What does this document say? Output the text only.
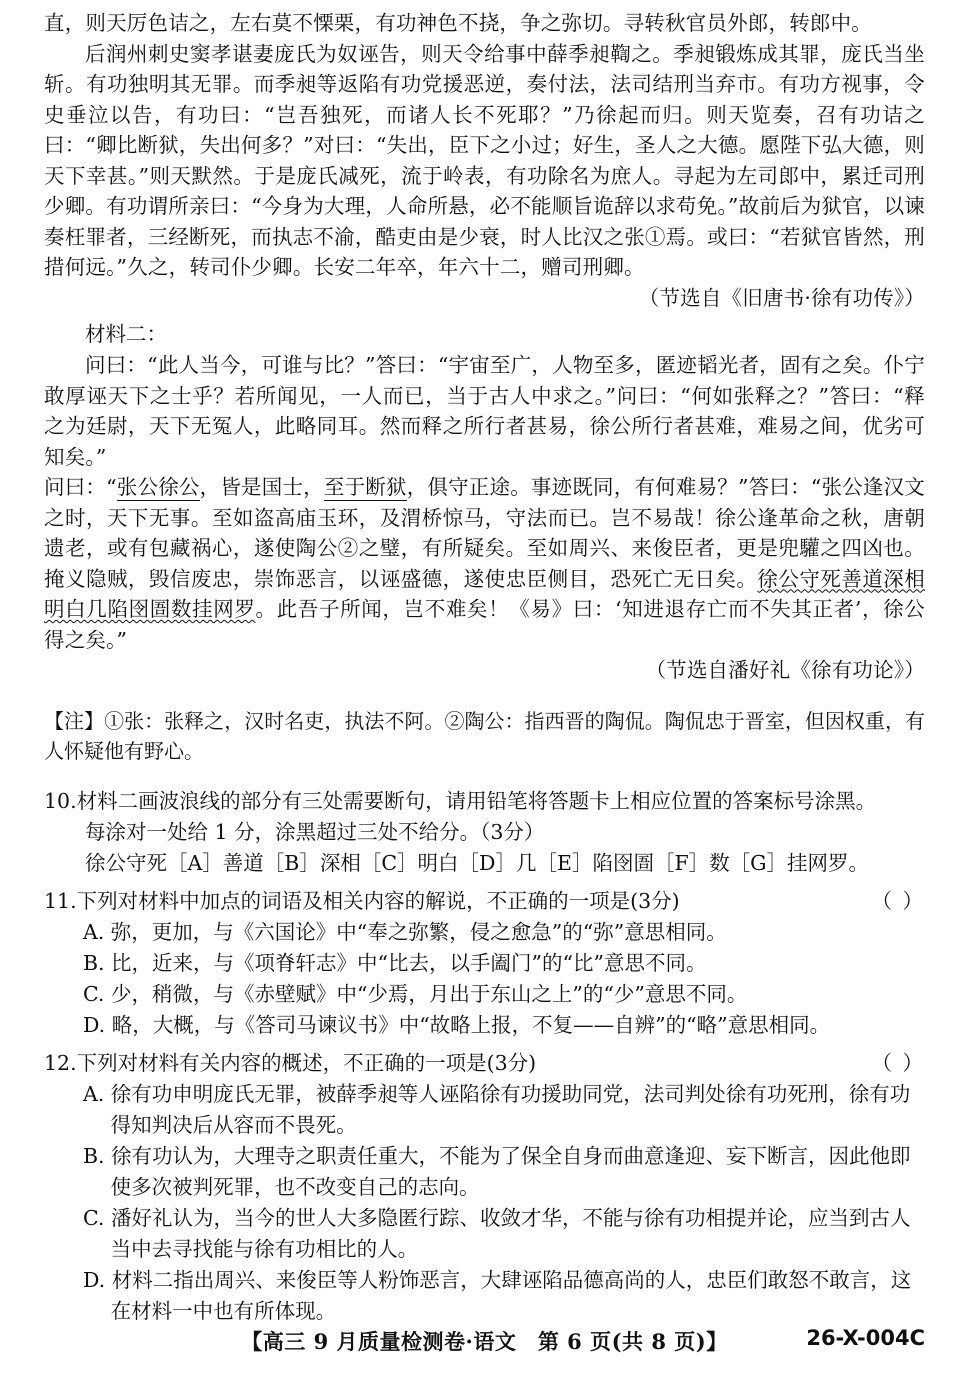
直，则天厉色诘之，左右莫不慄栗，有功神色不挠，争之弥切。寻转秋官员外郎，转郎中。

后润州刺史窦孝谌妻庞氏为奴诬告，则天令给事中薛季昶鞫之。季昶锻炼成其罪，庞氏当坐斩。有功独明其无罪。而季昶等返陷有功党援恶逆，奏付法，法司结刑当弃市。有功方视事，令史垂泣以告，有功曰：“岂吾独死，而诸人长不死耶？”乃徐起而归。则天览奏，召有功诘之曰：“卿比断狱，失出何多？”对曰：“失出，臣下之小过；好生，圣人之大德。愿陛下弘大德，则天下幸甚。”则天默然。于是庞氏减死，流于岭表，有功除名为庶人。寻起为左司郎中，累迁司刑少卿。有功谓所亲曰：“今身为大理，人命所悬，必不能顺旨诡辞以求苟免。”故前后为狱官，以谏奏枉罪者，三经断死，而执志不渝，酷吏由是少衰，时人比汉之张①焉。或曰：“若狱官皆然，刑措何远。”久之，转司仆少卿。长安二年卒，年六十二，赠司刑卿。

（节选自《旧唐书·徐有功传》）

材料二：

问曰：“此人当今，可谁与比？”答曰：“宇宙至广，人物至多，匿迹韬光者，固有之矣。仆宁敢厚诬天下之士乎？若所闻见，一人而已，当于古人中求之。”问曰：“何如张释之？”答曰：“释之为廷尉，天下无冤人，此略同耳。然而释之所行者甚易，徐公所行者甚难，难易之间，优劣可知矣。”

问曰：“张公徐公，皆是国士，至于断狱，俱守正途。事迹既同，有何难易？”答曰：“张公逢汉文之时，天下无事。至如盗高庙玉环，及渭桥惊马，守法而已。岂不易哉！徐公逢革命之秋，唐朝遗老，或有包藏祸心，遂使陶公②之璧，有所疑矣。至如周兴、来俊臣者，更是兜驩之四凶也。掩义隐贼，毁信废忠，崇饰恶言，以诬盛德，遂使忠臣侧目，恐死亡无日矣。徐公守死善道深相明白几陷囹圄数挂网罗。此吾子所闻，岂不难矣！《易》曰：‘知进退存亡而不失其正者’，徐公得之矣。”

（节选自潘好礼《徐有功论》）

【注】①张：张释之，汉时名吏，执法不阿。②陶公：指西晋的陶侃。陶侃忠于晋室，但因权重，有人怀疑他有野心。

10.材料二画波浪线的部分有三处需要断句，请用铅笔将答题卡上相应位置的答案标号涂黑。

每涂对一处给 1 分，涂黑超过三处不给分。（3分）

徐公守死［A］善道［B］深相［C］明白［D］几［E］陷囹圄［F］数［G］挂网罗。

11.下列对材料中加点的词语及相关内容的解说，不正确的一项是(3分)	（ ）

A. 弥，更加，与《六国论》中“奉之弥繁，侵之愈急”的“弥”意思相同。

B. 比，近来，与《项脊轩志》中“比去，以手阖门”的“比”意思不同。

C. 少，稍微，与《赤壁赋》中“少焉，月出于东山之上”的“少”意思不同。

D. 略，大概，与《答司马谏议书》中“故略上报，不复——自辨”的“略”意思相同。

12.下列对材料有关内容的概述，不正确的一项是(3分)	（ ）

A. 徐有功申明庞氏无罪，被薛季昶等人诬陷徐有功援助同党，法司判处徐有功死刑，徐有功
得知判决后从容而不畏死。
B. 徐有功认为，大理寺之职责任重大，不能为了保全自身而曲意逢迎、妄下断言，因此他即
使多次被判死罪，也不改变自己的志向。
C. 潘好礼认为，当今的世人大多隐匿行踪、收敛才华，不能与徐有功相提并论，应当到古人
当中去寻找能与徐有功相比的人。
D. 材料二指出周兴、来俊臣等人粉饰恶言，大肆诬陷品德高尚的人，忠臣们敢怒不敢言，这
在材料一中也有所体现。
【高三 9 月质量检测卷·语文　第 6 页(共 8 页)】	26-X-004C
